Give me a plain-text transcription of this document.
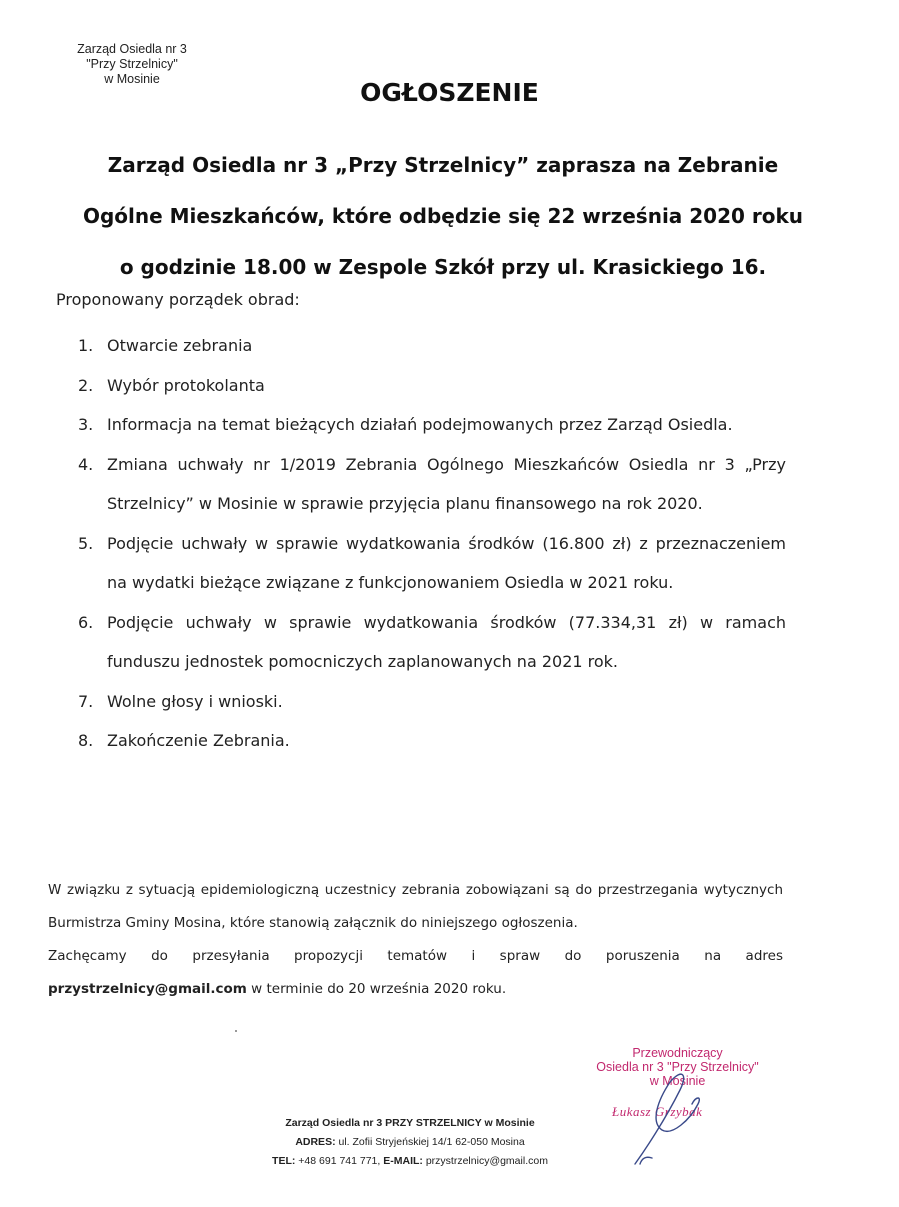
Zarząd Osiedla nr 3
"Przy Strzelnicy"
w Mosinie	OGŁOSZENIE
Zarząd Osiedla nr 3 „Przy Strzelnicy” zaprasza na Zebranie
Ogólne Mieszkańców, które odbędzie się 22 września 2020 roku
o godzinie 18.00 w Zespole Szkół przy ul. Krasickiego 16.
Proponowany porządek obrad:
1. Otwarcie zebrania
2. Wybór protokolanta
3. Informacja na temat bieżących działań podejmowanych przez Zarząd Osiedla.
4. Zmiana uchwały nr 1/2019 Zebrania Ogólnego Mieszkańców Osiedla nr 3 „Przy Strzelnicy” w Mosinie w sprawie przyjęcia planu finansowego na rok 2020.
5. Podjęcie uchwały w sprawie wydatkowania środków (16.800 zł) z przeznaczeniem na wydatki bieżące związane z funkcjonowaniem Osiedla w 2021 roku.
6. Podjęcie uchwały w sprawie wydatkowania środków (77.334,31 zł) w ramach funduszu jednostek pomocniczych zaplanowanych na 2021 rok.
7. Wolne głosy i wnioski.
8. Zakończenie Zebrania.

W związku z sytuacją epidemiologiczną uczestnicy zebrania zobowiązani są do przestrzegania wytycznych Burmistrza Gminy Mosina, które stanowią załącznik do niniejszego ogłoszenia.

Zachęcamy do przesyłania propozycji tematów i spraw do poruszenia na adres przystrzelnicy@gmail.com w terminie do 20 września 2020 roku.

Przewodniczący
Osiedla nr 3 "Przy Strzelnicy"
w Mosinie
Łukasz Grzybak
Zarząd Osiedla nr 3 PRZY STRZELNICY w Mosinie
ADRES: ul. Zofii Stryjeńskiej 14/1 62-050 Mosina
TEL: +48 691 741 771, E-MAIL: przystrzelnicy@gmail.com
